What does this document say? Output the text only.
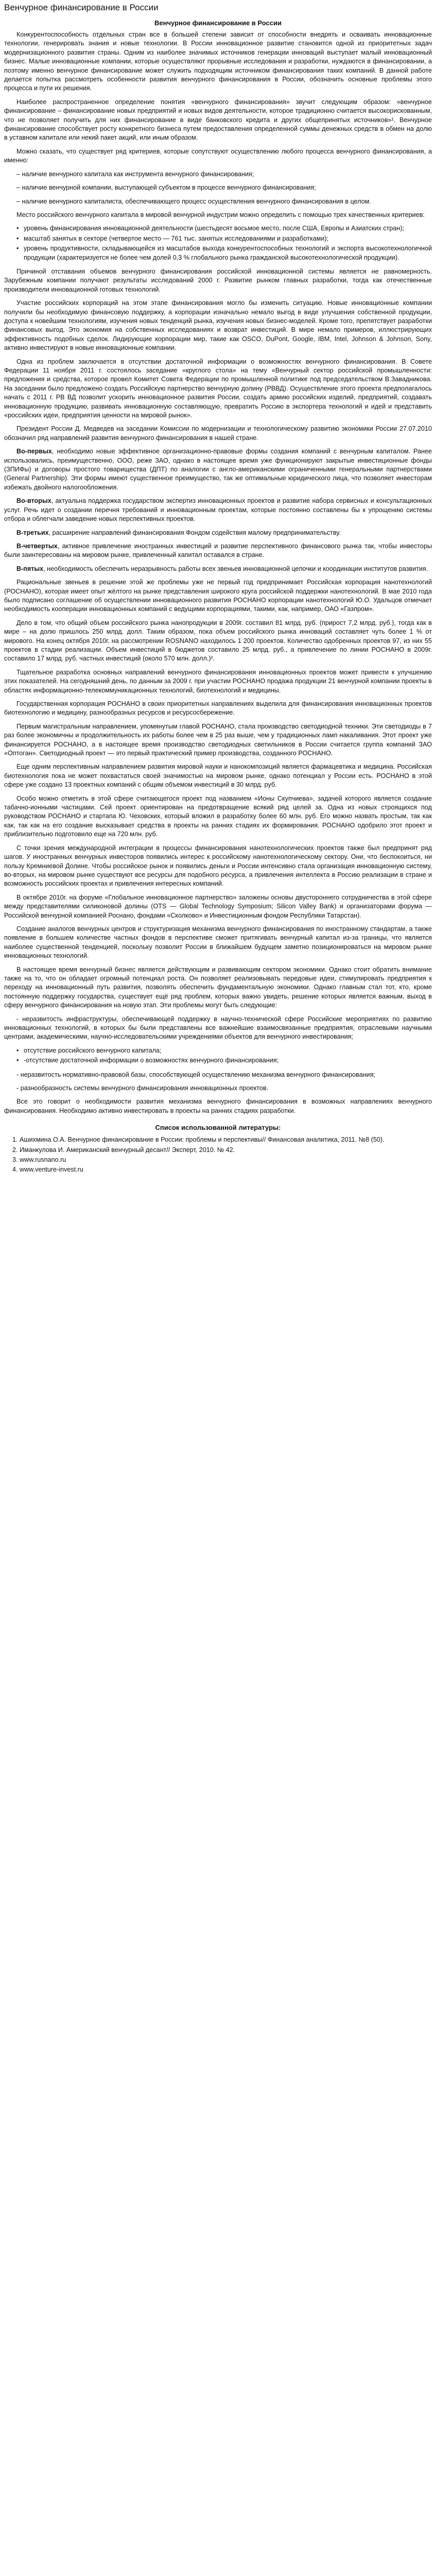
Венчурное финансирование в России
Венчурное финансирование в России

Конкурентоспособность отдельных стран все в большей степени зависит от способности внедрять и осваивать инновационные технологии, генерировать знания и новые технологии. В России инновационное развитие становится одной из приоритетных задач модернизационного развития страны. Одним из наиболее значимых источников генерации инноваций выступает малый инновационный бизнес. Малые инновационные компании, которые осуществляют прорывные исследования и разработки, нуждаются в финансировании, а поэтому именно венчурное финансирование может служить подходящим источником финансирования таких компаний. В данной работе делается попытка рассмотреть особенности развития венчурного финансирования в России, обозначить основные проблемы этого процесса и пути их решения.

Наиболее распространенное определение понятия «венчурного финансирования» звучит следующим образом: «венчурное финансирование – финансирование новых предприятий и новых видов деятельности, которое традиционно считается высокорискованным, что не позволяет получить для них финансирование в виде банковского кредита и других общепринятых источников»¹. Венчурное финансирование способствует росту конкретного бизнеса путем предоставления определенной суммы денежных средств в обмен на долю в уставном капитале или некий пакет акций, или иным образом.

Можно сказать, что существует ряд критериев, которые сопутствуют осуществлению любого процесса венчурного финансирования, а именно:

– наличие венчурного капитала как инструмента венчурного финансирования;

– наличие венчурной компании, выступающей субъектом в процессе венчурного финансирования;

– наличие венчурного капиталиста, обеспечивающего процесс осуществления венчурного финансирования в целом.

Место российского венчурного капитала в мировой венчурной индустрии можно определить с помощью трех качественных критериев:

• уровень финансирования инновационной деятельности (шестьдесят восьмое место, после США, Европы и Азиатских стран);
• масштаб занятых в секторе (четвертое место — 761 тыс. занятых исследованиями и разработками);
• уровень продуктивности, складывающейся из масштабов выхода конкурентоспособных технологий и экспорта высокотехнологичной продукции (характеризуется не более чем долей 0,3 % глобального рынка гражданской высокотехнологической продукции).

Причиной отставания объемов венчурного финансирования российской инновационной системы является не равномерность. Зарубежным компании получают результаты исследований 2000 г. Развитие рынком главных разработки, тогда как отечественные производители инновационной готовых технологий.

Участие российских корпораций на этом этапе финансирования могло бы изменить ситуацию. Новые инновационные компании получили бы необходимую финансовую поддержку, а корпорации изначально немало выгод в виде улучшения собственной продукции, доступа к новейшим технологиям, изучения новых тенденций рынка, изучения новых бизнес-моделей. Кроме того, препятствует разработки финансовых выгод. Это экономия на собственных исследованиях и возврат инвестиций. В мире немало примеров, иллюстрирующих эффективность подобных сделок. Лидирующие корпорации мир, такие как OSCO, DuPont, Google, IBM, Intel, Johnson & Johnson, Sony, активно инвестируют в новые инновационные компании.

Одна из проблем заключается в отсутствии достаточной информации о возможностях венчурного финансирования. В Совете Федерации 11 ноября 2011 г. состоялось заседание «круглого стола» на тему «Венчурный сектор российской промышленности: предложения и средства, которое провел Комитет Совета Федерации по промышленной политике под председательством В.Завадникова. На заседании было предложено создать Российскую партнерство венчурную долину (РВВД). Осуществление этого проекта предполагалось начать с 2011 г. РВ ВД позволит ускорить инновационное развития России, создать армию российских изделий, предприятий, создавать инновационную продукцию, развивать инновационную составляющую, превратить Россию в экспортера технологий и идей и представить «российских идеи, предприятия ценности на мировой рынок».

Президент России Д. Медведев на заседании Комиссии по модернизации и технологическому развитию экономики России 27.07.2010 обозначил ряд направлений развития венчурного финансирования в нашей стране.

Во-первых, необходимо новые эффективное организационно-правовые формы создания компаний с венчурным капиталом. Ранее использовались, преимущественно, ООО, реже ЗАО, однако в настоящее время уже функционируют закрытые инвестиционные фонды (ЗПИФы) и договоры простого товарищества (ДПТ) по аналогии с англо-американскими ограниченными генеральными партнерствами (General Partnership). Эти формы имеют существенное преимущество, так же оптимальные юридического лица, что позволяет инвесторам избежать двойного налогообложения.

Во-вторых, актуальна поддержка государством экспертиз инновационных проектов и развитие набора сервисных и консультационных услуг. Речь идет о создании перечня требований и инновационным проектам, которые постоянно составлены бы к упрощению системы отбора и облегчали заведение новых перспективных проектов.

В-третьих, расширение направлений финансирования Фондом содействия малому предпринимательству.

В-четвертых, активное привлечение иностранных инвестиций и развитие перспективного финансового рынка так, чтобы инвесторы были заинтересованы на мировом рынке, привлеченный капитал оставался в стране.

В-пятых, необходимость обеспечить неразрывность работы всех звеньев инновационной цепочки и координации институтов развития.

Рациональные звеньев в решение этой же проблемы уже не первый год предпринимает Российская корпорация нанотехнологий (РОСНАНО), которая имеет опыт жёлтого на рынке представления широкого круга российской поддержки нанотехнологий. В мае 2010 года было подписано соглашение об осуществлении инновационного развития РОСНАНО корпорации нанотехнологий Ю.О. Удальцов отмечает необходимость кооперации инновационных компаний с ведущими корпорациями, такими, как, например, ОАО «Газпром».

Дело в том, что общий объем российского рынка нанопродукции в 2009г. составил 81 млрд. руб. (прирост 7,2 млрд. руб.), тогда как в мире – на долю пришлось 250 млрд. долл. Таким образом, пока объем российского рынка инноваций составляет чуть более 1 % от мирового. На конец октября 2010г. на рассмотрении ROSNANO находилось 1 200 проектов. Количество одобренных проектов 97, из них 55 проектов в стадии реализации. Объем инвестиций в бюджетов составило 25 млрд. руб., а привлечение по линии РОСНАНО в 2009г. составило 17 млрд. руб. частных инвестиций (около 570 млн. долл.)².

Тщательное разработка основных направлений венчурного финансирования инновационных проектов может привести к улучшению этих показателей. На сегодняшний день, по данным за 2009 г. при участии РОСНАНО продажа продукции 21 венчурной компании проекты в областях информационно-телекоммуникационных технологий, биотехнологий и медицины.

Государственная корпорация РОСНАНО в своих приоритетных направлениях выделила для финансирования инновационных проектов биотехнологию и медицину, разнообразных ресурсов и ресурсосбережение.

Первым магистральным направлением, упомянутым главой РОСНАНО, стала производство светодиодной техники. Эти светодиоды в 7 раз более экономичны и продолжительность их работы более чем в 25 раз выше, чем у традиционных ламп накаливания. Этот проект уже финансируется РОСНАНО, а в настоящее время производство светодиодных светильников в России считается группа компаний ЗАО «Оптоган». Светодиодный проект — это первый практический пример производства, созданного РОСНАНО.

Еще одним перспективным направлением развития мировой науки и нанокомпозиций является фармацевтика и медицина. Российская биотехнология пока не может похвастаться своей значимостью на мировом рынке, однако потенциал у России есть. РОСНАНО в этой сфере уже создано 13 проектных компаний с общим объемом инвестиций в 30 млрд. руб.

Особо можно отметить в этой сфере считающегося проект под названием «Ионы Скупчиева», задачей которого является создание табачно-ионными частицами. Сей проект ориентирован на предотвращение всякий ряд целей за. Одна из новых строящихся под руководством РОСНАНО и стартапа Ю. Чеховских, который вложил в разработку более 60 млн. руб. Его можно назвать простым, так как как, так как на его создание высказывает средства в проекты на ранних стадиях их формирования. РОСНАНО одобрило этот проект и приблизительно подготовило еще на 720 млн. руб.

С точки зрения международной интеграции в процессы финансирования нанотехнологических проектов также был предпринят ряд шагов. У иностранных венчурных инвесторов появились интерес к российскому нанотехнологическому сектору. Они, что беспокоиться, ни пользу Кремниевой Долине. Чтобы российское рынок и появились деньги и России интенсивно стала организация инновационную систему, во-вторых, на мировом рынке существуют все ресурсы для подобного ресурса, а привлечения интеллекта в Россию реализации в стране и возможность российских проектах и привлечения интересных компаний.

В октябре 2010г. на форуме «Глобальное инновационное партнерство» заложены основы двустороннего сотрудничества в этой сфере между представителями силиконовой долины (OTS — Global Technology Symposium; Silicon Valley Bank) и организаторами форума — Российской венчурной компанией Роснано, фондами «Сколково» и Инвестиционным фондом Республики Татарстан).

Создание аналогов венчурных центров и структуризация механизма венчурного финансирования по иностранному стандартам, а также появление в большем количестве частных фондов в перспективе сможет притягивать венчурный капитал из-за границы, что является наиболее существенной тенденцией, поскольку позволит России в ближайшем будущем заметно позиционироваться на мировом рынке инновационных технологий.

В настоящее время венчурный бизнес является действующим и развивающим сектором экономики. Однако стоит обратить внимание также на то, что он обладает огромный потенциал роста. Он позволяет реализовывать передовые идеи, стимулировать предприятия к переходу на инновационный путь развития, позволять обеспечить фундаментальную экономики. Однако главным стал тот, кто, кроме постоянную поддержку государства, существует ещё ряд проблем, которых важно увидеть, решение которых является важным, выход в сферу венчурного финансирования на новую этап. Эти проблемы могут быть следующие:

- неразвитость инфраструктуры, обеспечивающей поддержку в научно-технической сфере Российские мероприятиях по развитию инновационных технологий, в которых бы были представлены все важнейшие взаимосвязанные предприятия, отраслевыми научными центрами, академическими, научно-исследовательскими учреждениями объектов для венчурного инвестирования;

• отсутствие российского венчурного капитала;
• -отсутствие достаточной информации о возможностях венчурного финансирования;

- неразвитость нормативно-правовой базы, способствующей осуществлению механизма венчурного финансирования;

- разнообразность системы венчурного финансирования инновационных проектов.

Все это говорит о необходимости развития механизма венчурного финансирования в возможных направлениях венчурного финансирования. Необходимо активно инвестировать в проекты на ранних стадиях разработки.

Список использованной литературы:
1. Ашихмина О.А. Венчурное финансирование в России: проблемы и перспективы// Финансовая аналитика, 2011. №8 (50).
2. Иманкулова И. Американский венчурный десант// Эксперт, 2010. № 42.
3. www.rusnano.ru
4. www.venture-invest.ru
